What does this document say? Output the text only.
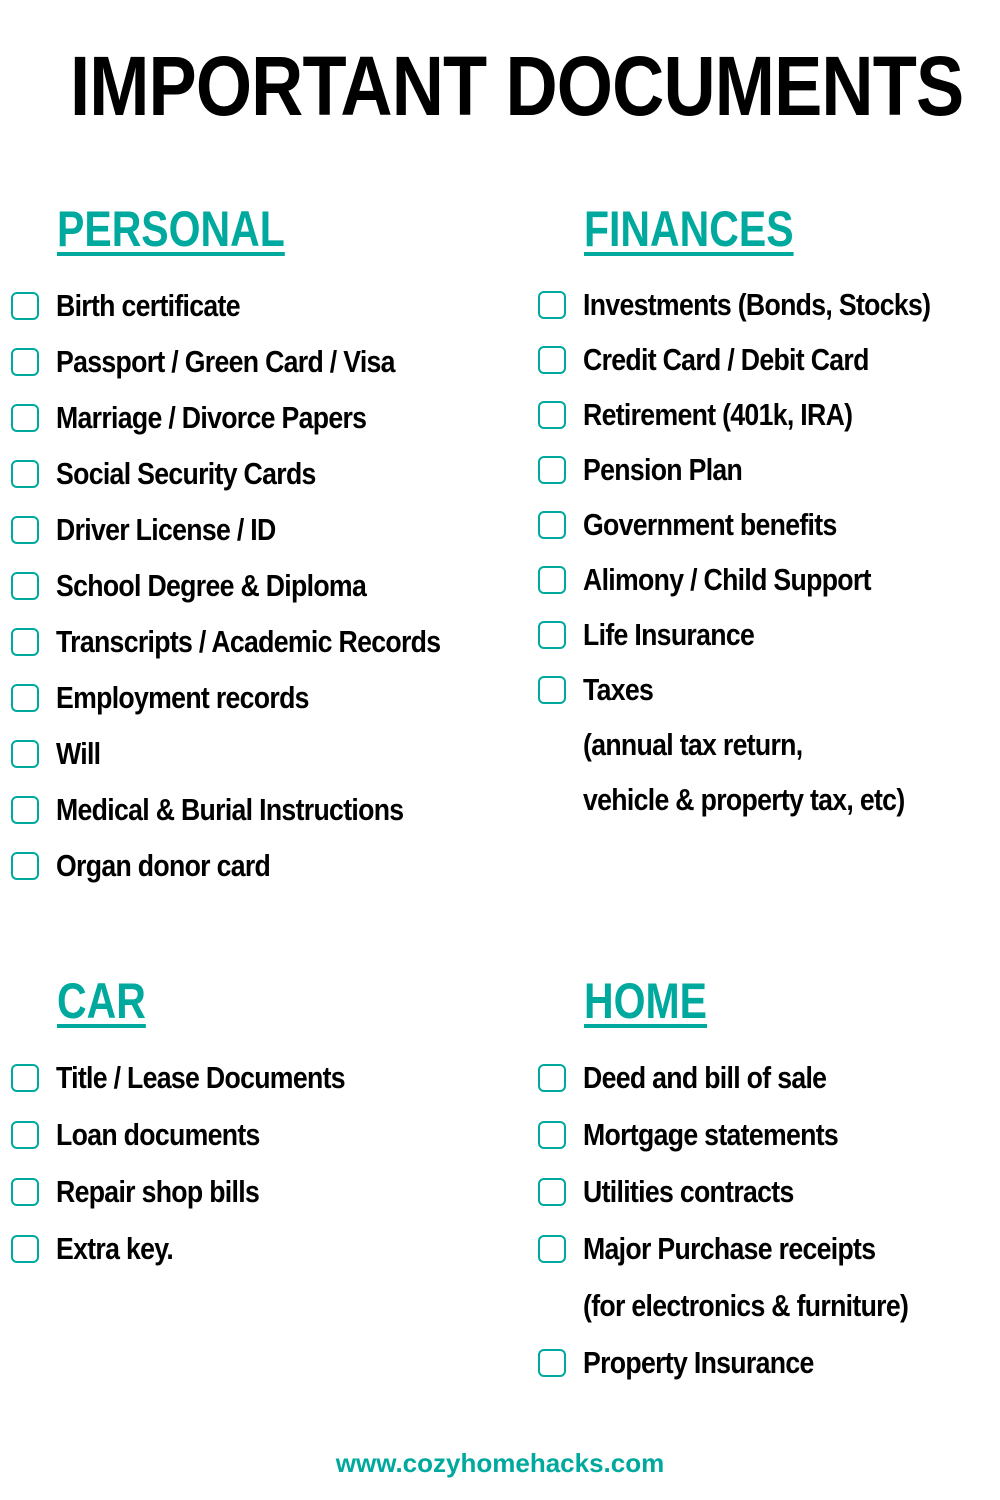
IMPORTANT DOCUMENTS
PERSONAL
Birth certificate
Passport / Green Card / Visa
Marriage / Divorce Papers
Social Security Cards
Driver License / ID
School Degree & Diploma
Transcripts / Academic Records
Employment records
Will
Medical & Burial Instructions
Organ donor card
FINANCES
Investments (Bonds, Stocks)
Credit Card / Debit Card
Retirement (401k, IRA)
Pension Plan
Government benefits
Alimony / Child Support
Life Insurance
Taxes
(annual tax return,
vehicle & property tax, etc)
CAR
Title / Lease Documents
Loan documents
Repair shop bills
Extra key.
HOME
Deed and bill of sale
Mortgage statements
Utilities contracts
Major Purchase receipts
(for electronics & furniture)
Property Insurance
www.cozyhomehacks.com
